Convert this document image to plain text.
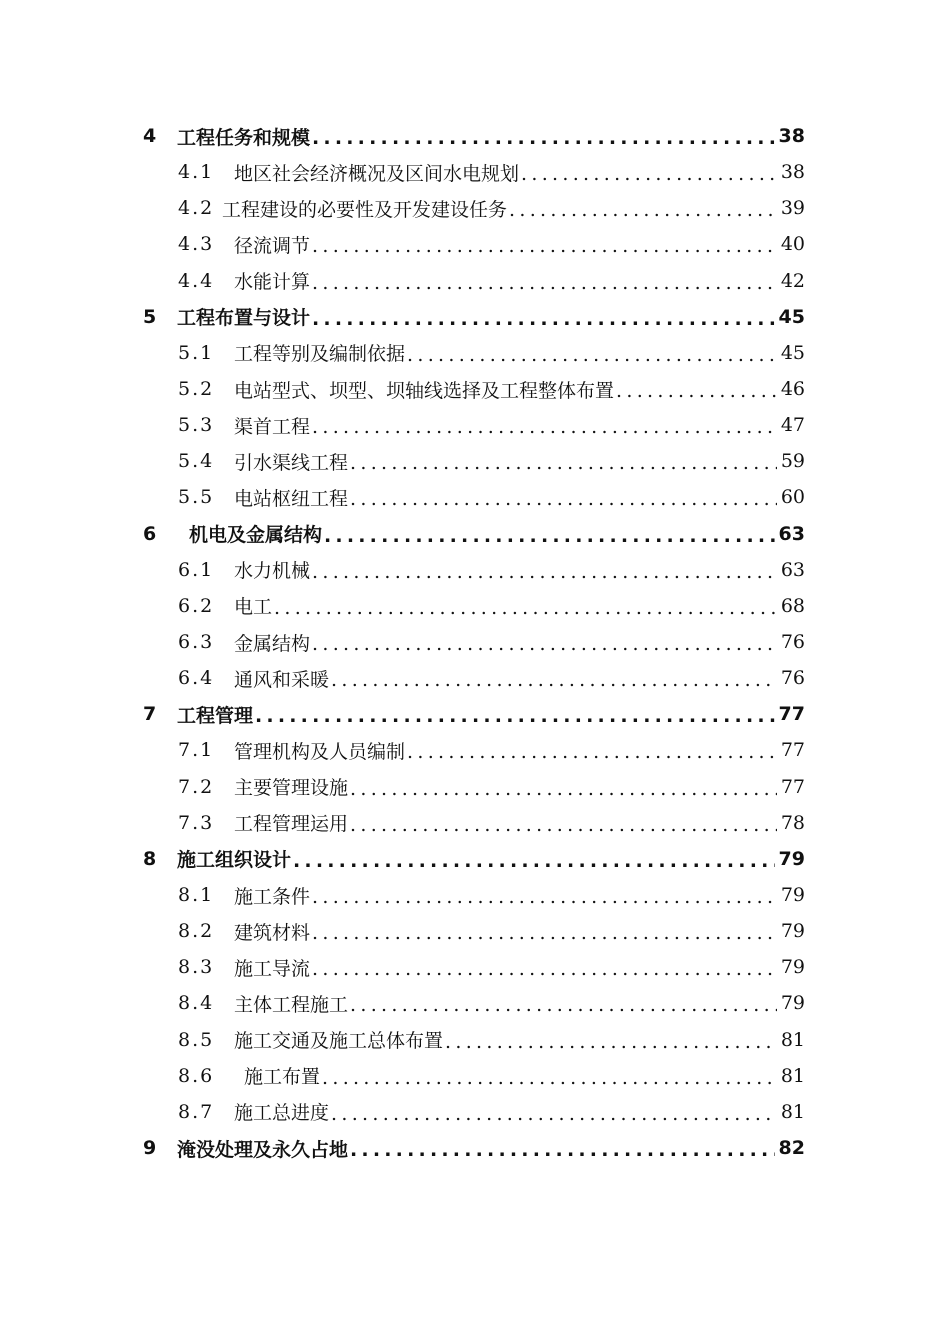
4	工程任务和规模 .....	38
4.1	地区社会经济概况及区间水电规划 .....	38
4.2 工程建设的必要性及开发建设任务 .....	39
4.3	径流调节 .....	40
4.4	水能计算 .....	42
5	工程布置与设计 .....	45
5.1	工程等别及编制依据 .....	45
5.2	电站型式、坝型、坝轴线选择及工程整体布置 .....	46
5.3	渠首工程 .....	47
5.4	引水渠线工程 .....	59
5.5	电站枢纽工程 .....	60
6	机电及金属结构 .....	63
6.1	水力机械 .....	63
6.2	电工 .....	68
6.3	金属结构 .....	76
6.4	通风和采暖 .....	76
7	工程管理 .....	77
7.1	管理机构及人员编制 .....	77
7.2	主要管理设施 .....	77
7.3	工程管理运用 .....	78
8	施工组织设计 .....	79
8.1	施工条件 .....	79
8.2	建筑材料 .....	79
8.3	施工导流 .....	79
8.4	主体工程施工 .....	79
8.5	施工交通及施工总体布置 .....	81
8.6	施工布置 .....	81
8.7	施工总进度 .....	81
9	淹没处理及永久占地 .....	82
